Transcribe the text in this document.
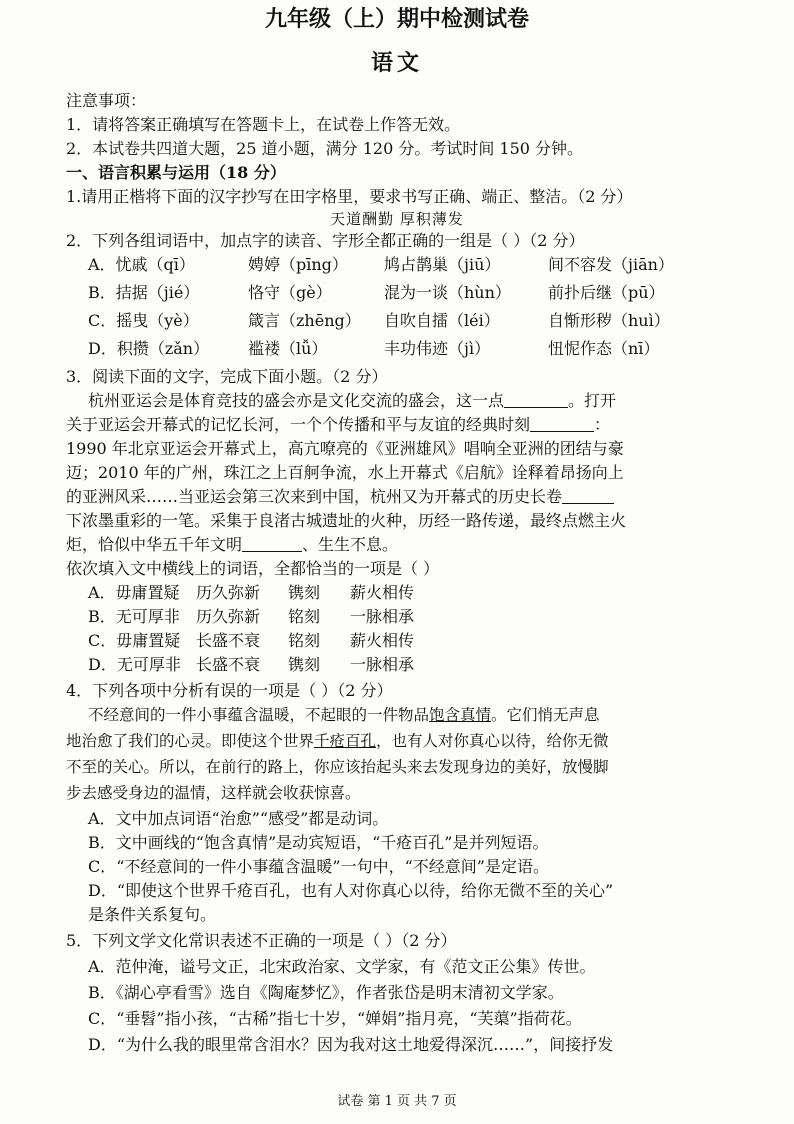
九年级（上）期中检测试卷
语文
注意事项：
1．请将答案正确填写在答题卡上，在试卷上作答无效。
2．本试卷共四道大题，25 道小题，满分 120 分。考试时间 150 分钟。
一、语言积累与运用（18 分）
1.请用正楷将下面的汉字抄写在田字格里，要求书写正确、端正、整洁。（2 分）
天道酬勤 厚积薄发
2．下列各组词语中，加点字的读音、字形全都正确的一组是（ ）（2 分）
A．忧戚（qī）	娉婷（pīng） 鸠占鹊巢（jiū）	间不容发（jiān）
B．拮据（jié）	恪守（gè）	混为一谈（hùn） 前扑后继（pū）
C．摇曳（yè）	箴言（zhēng） 自吹自擂（léi）	自惭形秽（huì）
D．积攒（zǎn） 褴褛（lǚ）	丰功伟迹（jì）	忸怩作态（nī）
3．阅读下面的文字，完成下面小题。（2 分）
杭州亚运会是体育竞技的盛会亦是文化交流的盛会，这一点	。打开
关于亚运会开幕式的记忆长河，一个个传播和平与友谊的经典时刻	：
1990 年北京亚运会开幕式上，高亢嘹亮的《亚洲雄风》唱响全亚洲的团结与豪
迈；2010 年的广州，珠江之上百舸争流，水上开幕式《启航》诠释着昂扬向上
的亚洲风采……当亚运会第三次来到中国，杭州又为开幕式的历史长卷
下浓墨重彩的一笔。采集于良渚古城遗址的火种，历经一路传递，最终点燃主火
炬，恰似中华五千年文明	、生生不息。
依次填入文中横线上的词语，全都恰当的一项是（ ）
A．毋庸置疑 历久弥新 镌刻 薪火相传
B．无可厚非 历久弥新 铭刻 一脉相承
C．毋庸置疑 长盛不衰 铭刻 薪火相传
D．无可厚非 长盛不衰 镌刻 一脉相承
4．下列各项中分析有误的一项是（ ）（2 分）
不经意间的一件小事蕴含温暖，不起眼的一件物品饱含真情。它们悄无声息
地治愈了我们的心灵。即使这个世界千疮百孔，也有人对你真心以待，给你无微
不至的关心。所以，在前行的路上，你应该抬起头来去发现身边的美好，放慢脚
步去感受身边的温情，这样就会收获惊喜。
A．文中加点词语“治愈”“感受”都是动词。
B．文中画线的“饱含真情”是动宾短语，“千疮百孔”是并列短语。
C．“不经意间的一件小事蕴含温暖”一句中，“不经意间”是定语。
D．“即使这个世界千疮百孔，也有人对你真心以待，给你无微不至的关心”
是条件关系复句。
5．下列文学文化常识表述不正确的一项是（ ）（2 分）
A．范仲淹，谥号文正，北宋政治家、文学家，有《范文正公集》传世。
B．《湖心亭看雪》选自《陶庵梦忆》，作者张岱是明末清初文学家。
C．“垂髫”指小孩，“古稀”指七十岁，“婵娟”指月亮，“芙蕖”指荷花。
D．“为什么我的眼里常含泪水？因为我对这土地爱得深沉……”，间接抒发
试卷 第 1 页 共 7 页
